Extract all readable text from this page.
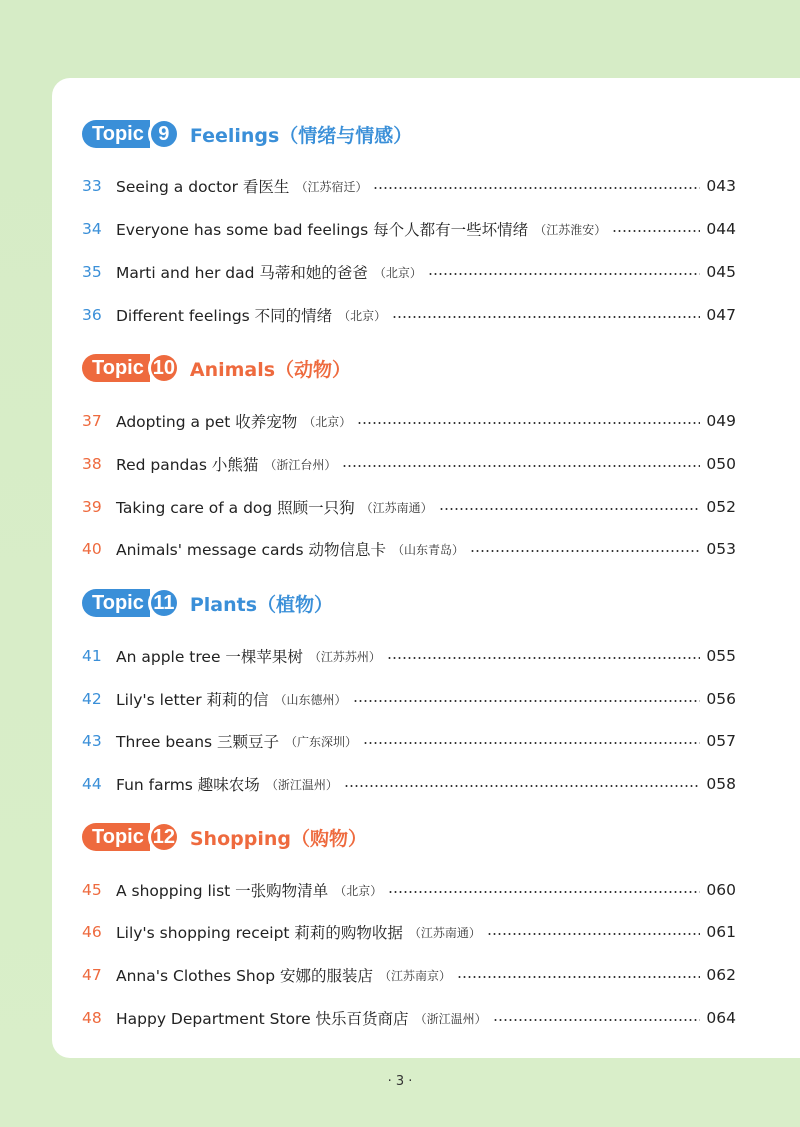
Topic 9	Feelings（情绪与情感）
33 Seeing a doctor 看医生 （江苏宿迁）	043
34 Everyone has some bad feelings 每个人都有一些坏情绪 （江苏淮安）	044
35 Marti and her dad 马蒂和她的爸爸 （北京）	045
36 Different feelings 不同的情绪 （北京）	047
Topic 10 Animals（动物）
37 Adopting a pet 收养宠物 （北京）	049
38 Red pandas 小熊猫 （浙江台州）	050
39 Taking care of a dog 照顾一只狗 （江苏南通）	052
40 Animals' message cards 动物信息卡 （山东青岛）	053
Topic 11 Plants（植物）
41 An apple tree 一棵苹果树 （江苏苏州）	055
42 Lily's letter 莉莉的信 （山东德州）	056
43 Three beans 三颗豆子 （广东深圳）	057
44 Fun farms 趣味农场 （浙江温州）	058
Topic 12 Shopping（购物）
45 A shopping list 一张购物清单 （北京）	060
46 Lily's shopping receipt 莉莉的购物收据 （江苏南通）	061
47 Anna's Clothes Shop 安娜的服装店 （江苏南京）	062
48 Happy Department Store 快乐百货商店 （浙江温州）	064
· 3 ·
